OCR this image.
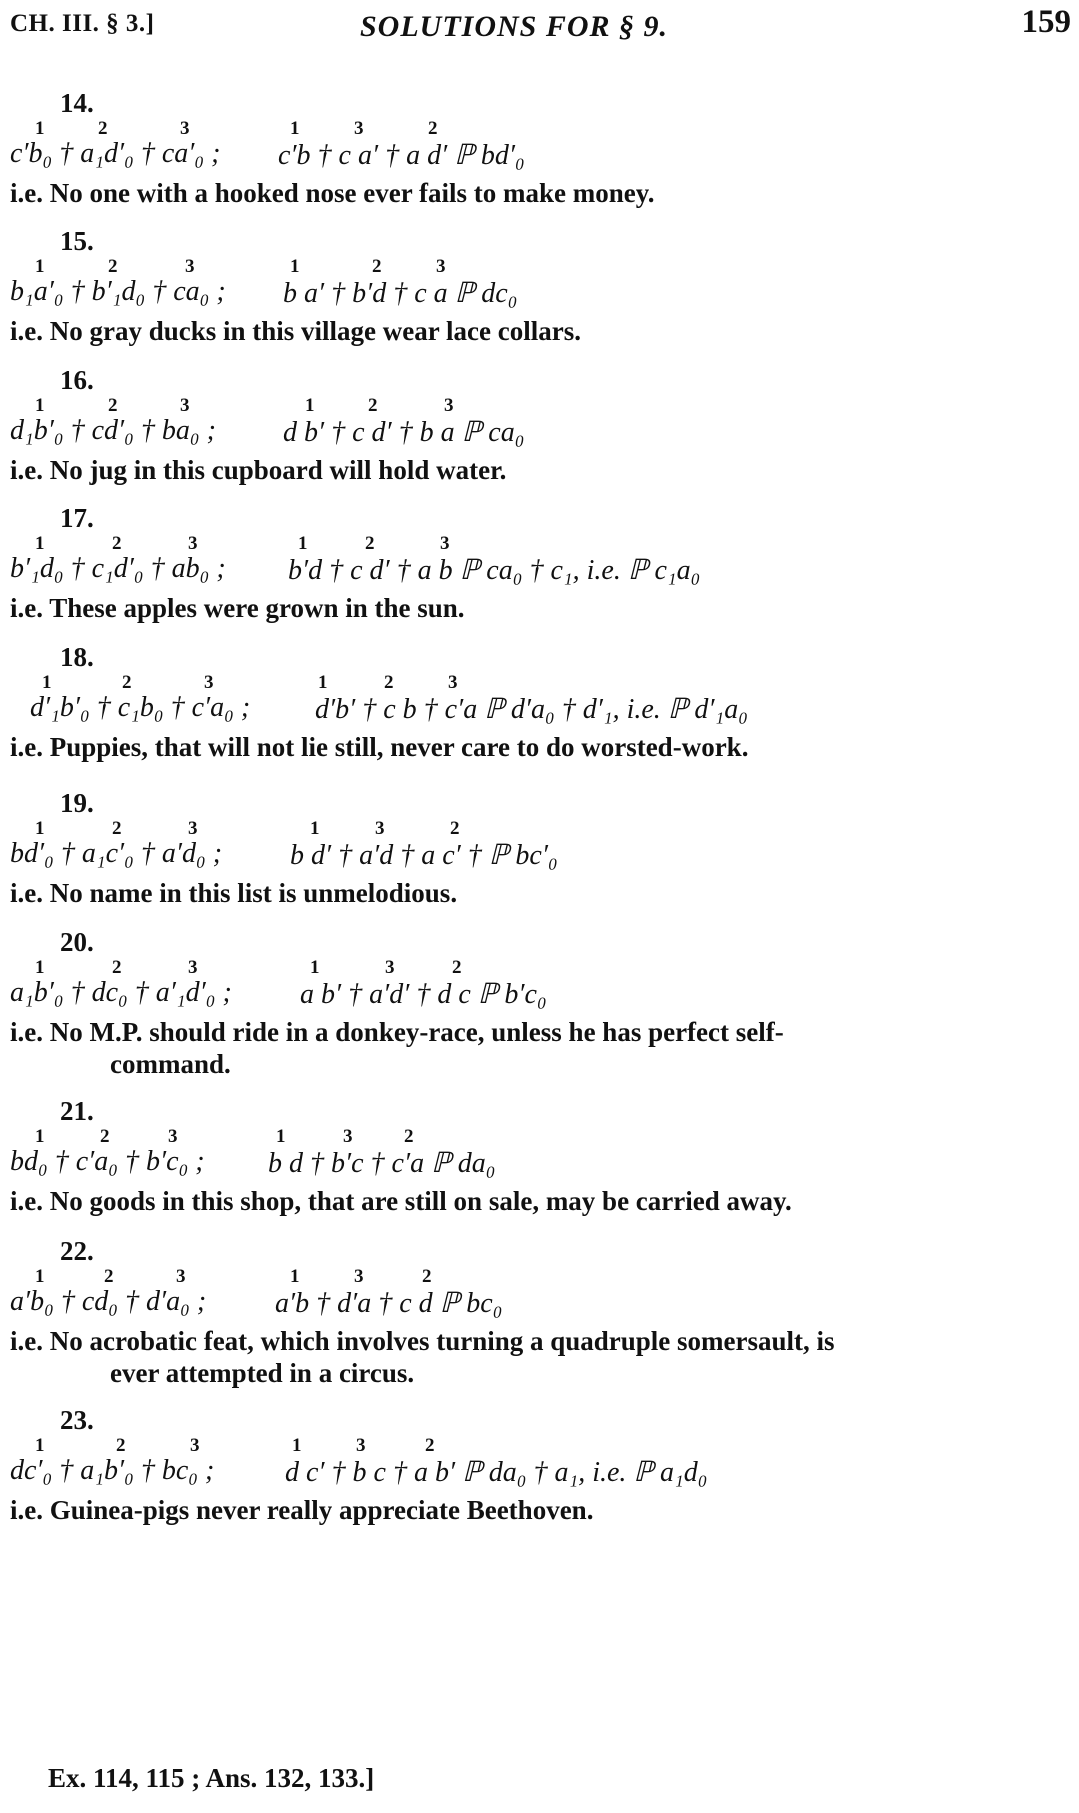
CH. III. § 3.]	SOLUTIONS FOR § 9.	159
14.
1	2	3	1	3	2
c′b₀ † a₁d′₀ † ca′₀ ; c′b † c a′ † a d′ ℙ bd′₀
i.e. No one with a hooked nose ever fails to make money.
15.
1	2	3	1	2	3
b₁a′₀ † b′₁d₀ † ca₀ ; b a′ † b′d † c a ℙ dc₀
i.e. No gray ducks in this village wear lace collars.
16.
1	2	3	1	2	3
d₁b′₀ † cd′₀ † ba₀ ; d b′ † c d′ † b a ℙ ca₀
i.e. No jug in this cupboard will hold water.
17.
1	2	3	1	2	3
b′₁d₀ † c₁d′₀ † ab₀ ; b′d † c d′ † a b ℙ ca₀ † c₁, i.e. ℙ c₁a₀
i.e. These apples were grown in the sun.
18.
1	2	3	1	2	3
d′₁b′₀ † c₁b₀ † c′a₀ ; d′b′ † c b † c′a ℙ d′a₀ † d′₁, i.e. ℙ d′₁a₀
i.e. Puppies, that will not lie still, never care to do worsted-work.
19.
1	2	3	1	3	2
bd′₀ † a₁c′₀ † a′d₀ ; b d′ † a′d † a c′ † ℙ bc′₀
i.e. No name in this list is unmelodious.
20.
1	2	3	1	3	2
a₁b′₀ † dc₀ † a′₁d′₀ ; a b′ † a′d′ † d c ℙ b′c₀
i.e. No M.P. should ride in a donkey-race, unless he has perfect self-
command.
21.
1	2	3	1	3	2
bd₀ † c′a₀ † b′c₀ ; b d † b′c † c′a ℙ da₀
i.e. No goods in this shop, that are still on sale, may be carried away.
22.
1	2	3	1	3	2
a′b₀ † cd₀ † d′a₀ ; a′b † d′a † c d ℙ bc₀
i.e. No acrobatic feat, which involves turning a quadruple somersault, is
ever attempted in a circus.
23.
1	2	3	1	3	2
dc′₀ † a₁b′₀ † bc₀ ;	d c′ † b c † a b′ ℙ da₀ † a₁, i.e. ℙ a₁d₀
i.e. Guinea-pigs never really appreciate Beethoven.
Ex. 114, 115 ; Ans. 132, 133.]
